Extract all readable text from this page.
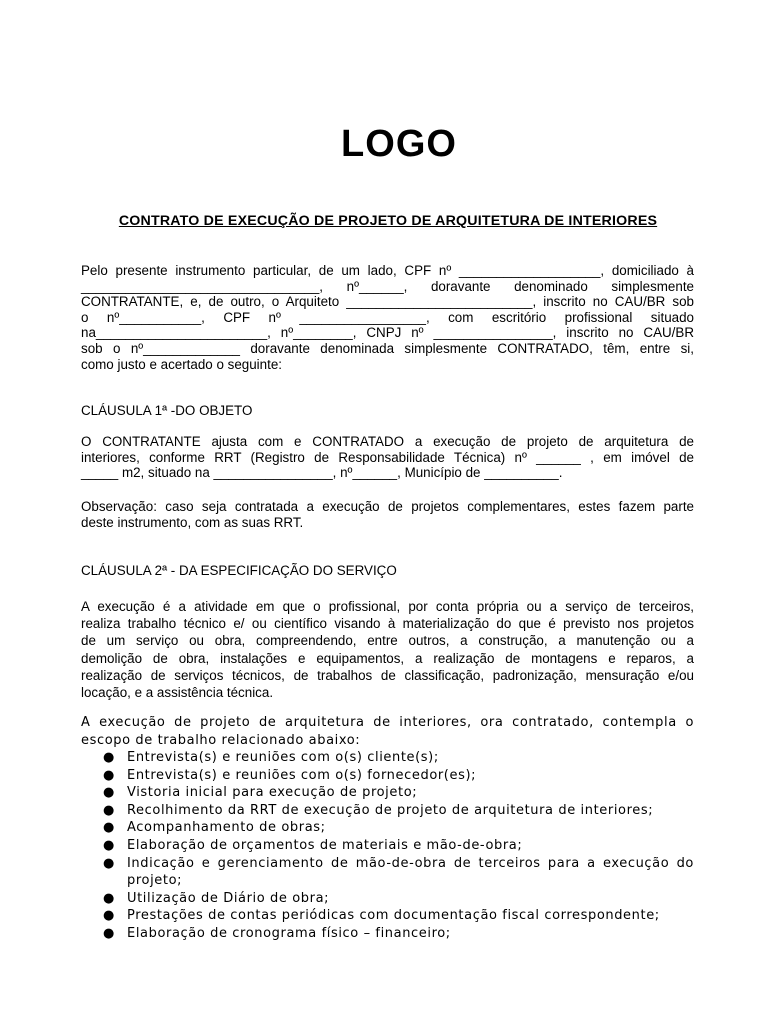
LOGO
CONTRATO DE EXECUÇÃO DE PROJETO DE ARQUITETURA DE INTERIORES
Pelo presente instrumento particular, de um lado, CPF nº ___________________, domiciliado à
________________________________, nº______, doravante denominado simplesmente
CONTRATANTE, e, de outro, o Arquiteto _________________________, inscrito no CAU/BR sob
o nº___________, CPF nº _________________, com escritório profissional situado
na_______________________, nº________, CNPJ nº ________________, inscrito no CAU/BR
sob o nº_____________ doravante denominada simplesmente CONTRATADO, têm, entre si,
como justo e acertado o seguinte:
CLÁUSULA 1ª -DO OBJETO
O CONTRATANTE ajusta com e CONTRATADO a execução de projeto de arquitetura de
interiores, conforme RRT (Registro de Responsabilidade Técnica) nº ______ , em imóvel de
_____ m2, situado na ________________, nº______, Município de __________.
Observação: caso seja contratada a execução de projetos complementares, estes fazem parte
deste instrumento, com as suas RRT.
CLÁUSULA 2ª - DA ESPECIFICAÇÃO DO SERVIÇO
A execução é a atividade em que o profissional, por conta própria ou a serviço de terceiros,
realiza trabalho técnico e/ ou científico visando à materialização do que é previsto nos projetos
de um serviço ou obra, compreendendo, entre outros, a construção, a manutenção ou a
demolição de obra, instalações e equipamentos, a realização de montagens e reparos, a
realização de serviços técnicos, de trabalhos de classificação, padronização, mensuração e/ou
locação, e a assistência técnica.
A execução de projeto de arquitetura de interiores, ora contratado, contempla o
escopo de trabalho relacionado abaixo:
● Entrevista(s) e reuniões com o(s) cliente(s);
● Entrevista(s) e reuniões com o(s) fornecedor(es);
● Vistoria inicial para execução de projeto;
● Recolhimento da RRT de execução de projeto de arquitetura de interiores;
● Acompanhamento de obras;
● Elaboração de orçamentos de materiais e mão-de-obra;
● Indicação e gerenciamento de mão-de-obra de terceiros para a execução do projeto;
● Utilização de Diário de obra;
● Prestações de contas periódicas com documentação fiscal correspondente;
● Elaboração de cronograma físico – financeiro;
